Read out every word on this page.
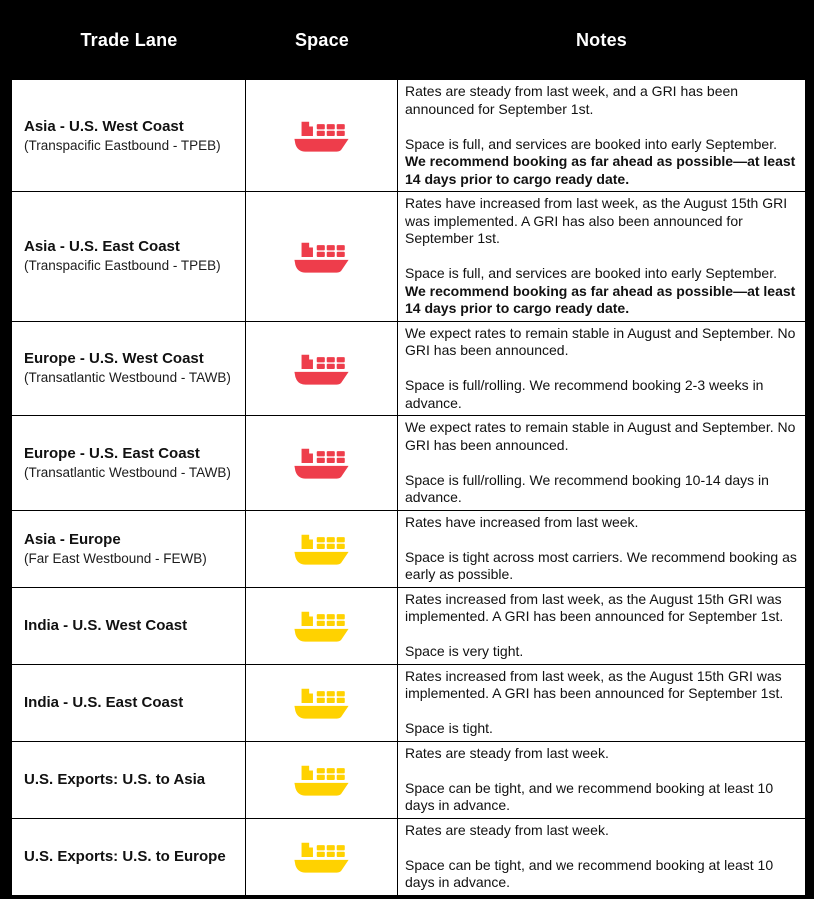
Trade Lane	Space	Notes
Asia - U.S. West Coast
(Transpacific Eastbound - TPEB)

Rates are steady from last week, and a GRI has been announced for September 1st.

Space is full, and services are booked into early September. We recommend booking as far ahead as possible—at least 14 days prior to cargo ready date.

Asia - U.S. East Coast
(Transpacific Eastbound - TPEB)

Rates have increased from last week, as the August 15th GRI was implemented. A GRI has also been announced for September 1st.

Space is full, and services are booked into early September. We recommend booking as far ahead as possible—at least 14 days prior to cargo ready date.

Europe - U.S. West Coast
(Transatlantic Westbound - TAWB)

We expect rates to remain stable in August and September. No GRI has been announced.

Space is full/rolling. We recommend booking 2-3 weeks in advance.

Europe - U.S. East Coast
(Transatlantic Westbound - TAWB)

We expect rates to remain stable in August and September. No GRI has been announced.

Space is full/rolling. We recommend booking 10-14 days in advance.

Asia - Europe
(Far East Westbound - FEWB)

Rates have increased from last week.

Space is tight across most carriers. We recommend booking as early as possible.

India - U.S. West Coast

Rates increased from last week, as the August 15th GRI was implemented. A GRI has been announced for September 1st.

Space is very tight.

India - U.S. East Coast

Rates increased from last week, as the August 15th GRI was implemented. A GRI has been announced for September 1st.

Space is tight.

U.S. Exports: U.S. to Asia

Rates are steady from last week.

Space can be tight, and we recommend booking at least 10 days in advance.

U.S. Exports: U.S. to Europe

Rates are steady from last week.

Space can be tight, and we recommend booking at least 10 days in advance.
